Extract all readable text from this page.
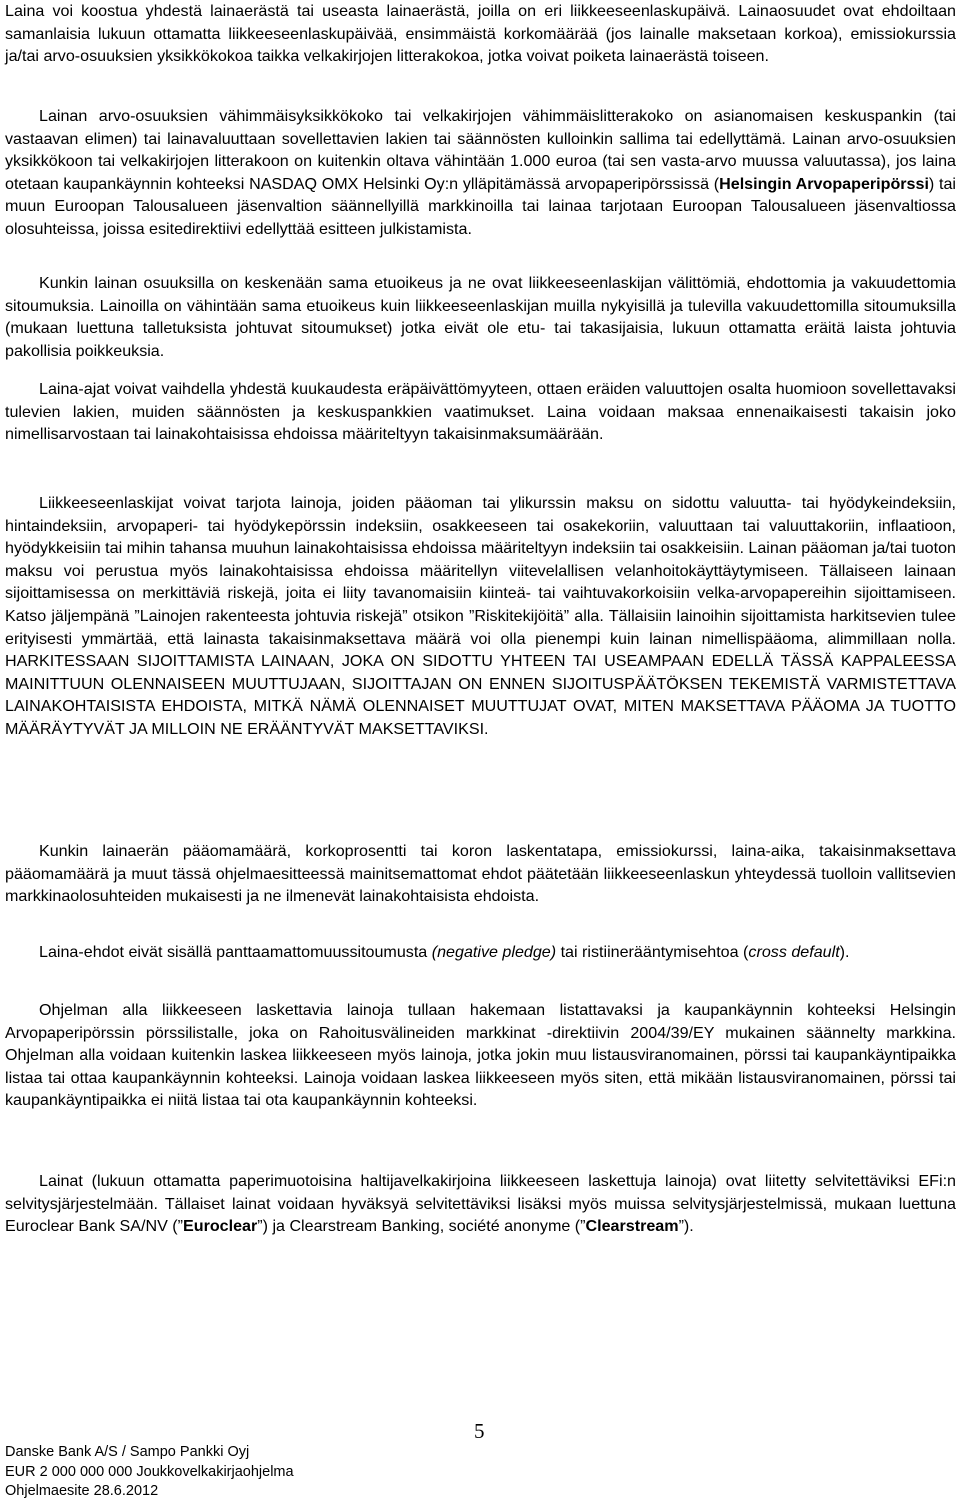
Laina voi koostua yhdestä lainaerästä tai useasta lainaerästä, joilla on eri liikkeeseenlaskupäivä. Lainaosuudet ovat ehdoiltaan samanlaisia lukuun ottamatta liikkeeseenlaskupäivää, ensimmäistä korkomäärää (jos lainalle maksetaan korkoa), emissiokurssia ja/tai arvo-osuuksien yksikkökokoa taikka velkakirjojen litterakokoa, jotka voivat poiketa lainaerästä toiseen.

Lainan arvo-osuuksien vähimmäisyksikkökoko tai velkakirjojen vähimmäislitterakoko on asianomaisen keskuspankin (tai vastaavan elimen) tai lainavaluuttaan sovellettavien lakien tai säännösten kulloinkin sallima tai edellyttämä. Lainan arvo-osuuksien yksikkökoon tai velkakirjojen litterakoon on kuitenkin oltava vähintään 1.000 euroa (tai sen vasta-arvo muussa valuutassa), jos laina otetaan kaupankäynnin kohteeksi NASDAQ OMX Helsinki Oy:n ylläpitämässä arvopaperipörssissä (Helsingin Arvopaperipörssi) tai muun Euroopan Talousalueen jäsenvaltion säännellyillä markkinoilla tai lainaa tarjotaan Euroopan Talousalueen jäsenvaltiossa olosuhteissa, joissa esitedirektiivi edellyttää esitteen julkistamista.

Kunkin lainan osuuksilla on keskenään sama etuoikeus ja ne ovat liikkeeseenlaskijan välittömiä, ehdottomia ja vakuudettomia sitoumuksia. Lainoilla on vähintään sama etuoikeus kuin liikkeeseenlaskijan muilla nykyisillä ja tulevilla vakuudettomilla sitoumuksilla (mukaan luettuna talletuksista johtuvat sitoumukset) jotka eivät ole etu- tai takasijaisia, lukuun ottamatta eräitä laista johtuvia pakollisia poikkeuksia.

Laina-ajat voivat vaihdella yhdestä kuukaudesta eräpäivättömyyteen, ottaen eräiden valuuttojen osalta huomioon sovellettavaksi tulevien lakien, muiden säännösten ja keskuspankkien vaatimukset. Laina voidaan maksaa ennenaikaisesti takaisin joko nimellisarvostaan tai lainakohtaisissa ehdoissa määriteltyyn takaisinmaksumäärään.

Liikkeeseenlaskijat voivat tarjota lainoja, joiden pääoman tai ylikurssin maksu on sidottu valuutta- tai hyödykeindeksiin, hintaindeksiin, arvopaperi- tai hyödykepörssin indeksiin, osakkeeseen tai osakekoriin, valuuttaan tai valuuttakoriin, inflaatioon, hyödykkeisiin tai mihin tahansa muuhun lainakohtaisissa ehdoissa määriteltyyn indeksiin tai osakkeisiin. Lainan pääoman ja/tai tuoton maksu voi perustua myös lainakohtaisissa ehdoissa määritellyn viitevelallisen velanhoitokäyttäytymiseen. Tällaiseen lainaan sijoittamisessa on merkittäviä riskejä, joita ei liity tavanomaisiin kiinteä- tai vaihtuvakorkoisiin velka-arvopapereihin sijoittamiseen. Katso jäljempänä ”Lainojen rakenteesta johtuvia riskejä” otsikon ”Riskitekijöitä” alla. Tällaisiin lainoihin sijoittamista harkitsevien tulee erityisesti ymmärtää, että lainasta takaisinmaksettava määrä voi olla pienempi kuin lainan nimellispääoma, alimmillaan nolla. HARKITESSAAN SIJOITTAMISTA LAINAAN, JOKA ON SIDOTTU YHTEEN TAI USEAMPAAN EDELLÄ TÄSSÄ KAPPALEESSA MAINITTUUN OLENNAISEEN MUUTTUJAAN, SIJOITTAJAN ON ENNEN SIJOITUSPÄÄTÖKSEN TEKEMISTÄ VARMISTETTAVA LAINAKOHTAISISTA EHDOISTA, MITKÄ NÄMÄ OLENNAISET MUUTTUJAT OVAT, MITEN MAKSETTAVA PÄÄOMA JA TUOTTO MÄÄRÄYTYVÄT JA MILLOIN NE ERÄÄNTYVÄT MAKSETTAVIKSI.

Kunkin lainaerän pääomamäärä, korkoprosentti tai koron laskentatapa, emissiokurssi, laina-aika, takaisinmaksettava pääomamäärä ja muut tässä ohjelmaesitteessä mainitsemattomat ehdot päätetään liikkeeseenlaskun yhteydessä tuolloin vallitsevien markkinaolosuhteiden mukaisesti ja ne ilmenevät lainakohtaisista ehdoista.

Laina-ehdot eivät sisällä panttaamattomuussitoumusta (negative pledge) tai ristiinerääntymisehtoa (cross default).

Ohjelman alla liikkeeseen laskettavia lainoja tullaan hakemaan listattavaksi ja kaupankäynnin kohteeksi Helsingin Arvopaperipörssin pörssilistalle, joka on Rahoitusvälineiden markkinat -direktiivin 2004/39/EY mukainen säännelty markkina. Ohjelman alla voidaan kuitenkin laskea liikkeeseen myös lainoja, jotka jokin muu listausviranomainen, pörssi tai kaupankäyntipaikka listaa tai ottaa kaupankäynnin kohteeksi. Lainoja voidaan laskea liikkeeseen myös siten, että mikään listausviranomainen, pörssi tai kaupankäyntipaikka ei niitä listaa tai ota kaupankäynnin kohteeksi.

Lainat (lukuun ottamatta paperimuotoisina haltijavelkakirjoina liikkeeseen laskettuja lainoja) ovat liitetty selvitettäviksi EFi:n selvitysjärjestelmään. Tällaiset lainat voidaan hyväksyä selvitettäviksi lisäksi myös muissa selvitysjärjestelmissä, mukaan luettuna Euroclear Bank SA/NV (”Euroclear”) ja Clearstream Banking, société anonyme (”Clearstream”).

5
Danske Bank A/S / Sampo Pankki Oyj
EUR 2 000 000 000 Joukkovelkakirjaohjelma
Ohjelmaesite 28.6.2012
